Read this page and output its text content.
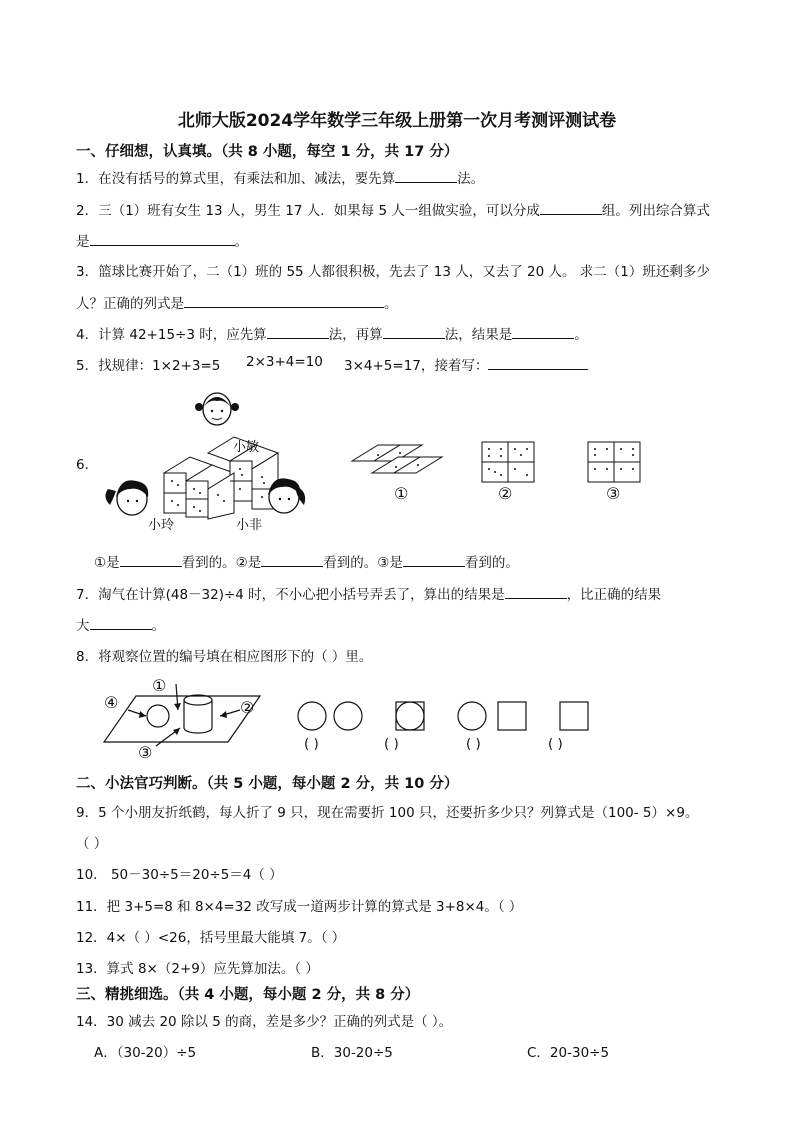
北师大版2024学年数学三年级上册第一次月考测评测试卷
一、仔细想，认真填。（共 8 小题，每空 1 分，共 17 分）
1．在没有括号的算式里，有乘法和加、减法，要先算	法。
2．三（1）班有女生 13 人，男生 17 人．如果每 5 人一组做实验，可以分成	组。列出综合算式
是	。
3．篮球比赛开始了，二（1）班的 55 人都很积极，先去了 13 人，又去了 20 人。 求二（1）班还剩多少
人？正确的列式是	。
4．计算 42+15÷3 时，应先算	法，再算	法，结果是	。
5．找规律：1×2+3=5 2×3+4=10 3×4+5=17，接着写：
6．
小敏
小玲	小非
①	②	③
①是	看到的。②是	看到的。③是	看到的。
7．淘气在计算(48－32)÷4 时，不小心把小括号弄丢了，算出的结果是	，比正确的结果
大	。
8．将观察位置的编号填在相应图形下的（ ）里。
①
②
③
④
( )	( )	( )	( )
二、小法官巧判断。（共 5 小题，每小题 2 分，共 10 分）
9．5 个小朋友折纸鹤，每人折了 9 只，现在需要折 100 只，还要折多少只？列算式是（100- 5）×9。
（ ）
10． 50－30÷5＝20÷5＝4（ ）
11．把 3+5=8 和 8×4=32 改写成一道两步计算的算式是 3+8×4。（ ）
12．4×（ ）<26，括号里最大能填 7。（ ）
13．算式 8×（2+9）应先算加法。（ ）
三、精挑细选。（共 4 小题，每小题 2 分，共 8 分）
14．30 减去 20 除以 5 的商，差是多少？正确的列式是（ ）。
A．（30-20）÷5	B．30-20÷5	C．20-30÷5
